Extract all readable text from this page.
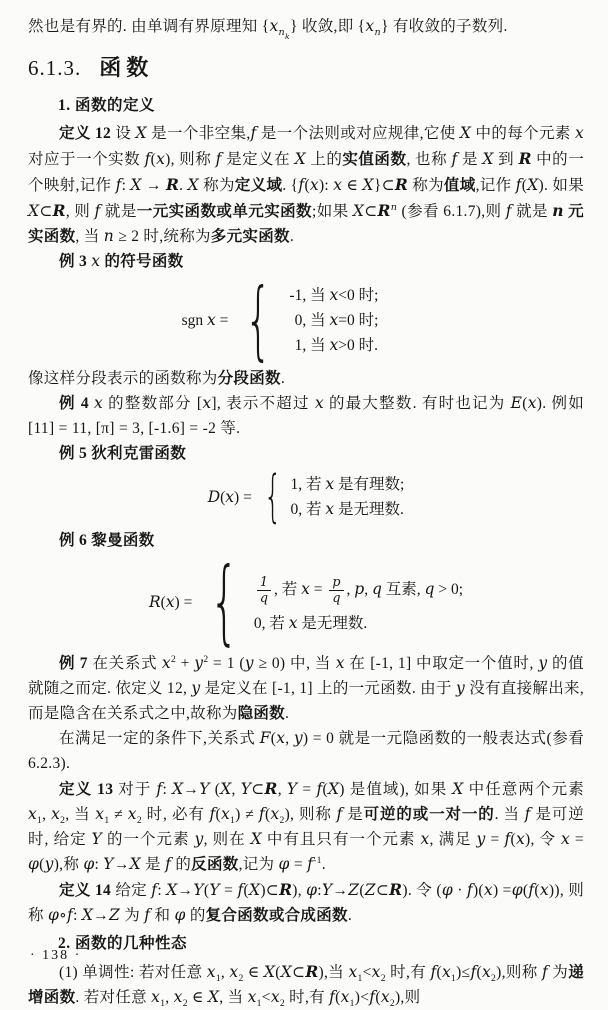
然也是有界的. 由单调有界原理知 $\{x_{nk}\}$ 收敛,即 $\{x_n\}$ 有收敛的子数列.

6.1.3. 函数
1. 函数的定义

定义 12 设 X 是一个非空集,f 是一个法则或对应规律,它使 X 中的每个元素 x 对应于一个实数 f(x), 则称 f 是定义在 X 上的实值函数, 也称 f 是 X 到 R 中的一个映射,记作 f: X → R. X 称为定义域. {f(x): x ∈ X}⊂R 称为值域,记作 f(X). 如果 X⊂R, 则 f 就是一元实函数或单元实函数;如果 $X\subset R^n$ (参看 6.1.7),则 f 就是 n 元实函数, 当 n ≥ 2 时,统称为多元实函数.

例 3 x 的符号函数

sgn x = { -1, 当 x<0 时;
0, 当 x=0 时;
1, 当 x>0 时.

像这样分段表示的函数称为分段函数.

例 4 x 的整数部分 [x], 表示不超过 x 的最大整数. 有时也记为 E(x). 例如 [11] = 11, [π] = 3, [-1.6] = -2 等.

例 5 狄利克雷函数

D(x) = { 1, 若 x 是有理数;
0, 若 x 是无理数.

例 6 黎曼函数

R(x) = { $\frac{1}{q}$ , 若 $x = \frac{p}{q}$ , p, q 互素, q > 0;
0, 若 x 是无理数.

例 7 在关系式 $x^2 + y^2 = 1$ (y ≥ 0) 中, 当 x 在 [-1, 1] 中取定一个值时, y 的值就随之而定. 依定义 12, y 是定义在 [-1, 1] 上的一元函数. 由于 y 没有直接解出来,而是隐含在关系式之中,故称为隐函数.

在满足一定的条件下,关系式 F(x, y) = 0 就是一元隐函数的一般表达式(参看 6.2.3).

定义 13 对于 f: X→Y (X, Y⊂R, Y = f(X) 是值域), 如果 X 中任意两个元素 $x_1$, $x_2$, 当 $x_1 \ne x_2$ 时, 必有 $f(x_1) \ne f(x_2)$, 则称 f 是可逆的或一对一的. 当 f 是可逆时, 给定 Y 的一个元素 y, 则在 X 中有且只有一个元素 x, 满足 y = f(x), 令 x = φ(y),称 φ: Y→X 是 f 的反函数,记为 $\varphi = f^{-1}$.

定义 14 给定 f: X→Y(Y = f(X)⊂R), φ:Y→Z(Z⊂R). 令 (φ · f)(x) =φ(f(x)), 则称 φ∘f: X→Z 为 f 和 φ 的复合函数或合成函数.

2. 函数的几种性态

(1) 单调性: 若对任意 $x_1$, $x_2$ ∈ X(X⊂R),当 $x_1<x_2$ 时,有 $f(x_1)\le f(x_2)$,则称 f 为递增函数. 若对任意 $x_1$, $x_2$ ∈ X, 当 $x_1<x_2$ 时,有 $f(x_1)<f(x_2)$,则

· 138 ·
